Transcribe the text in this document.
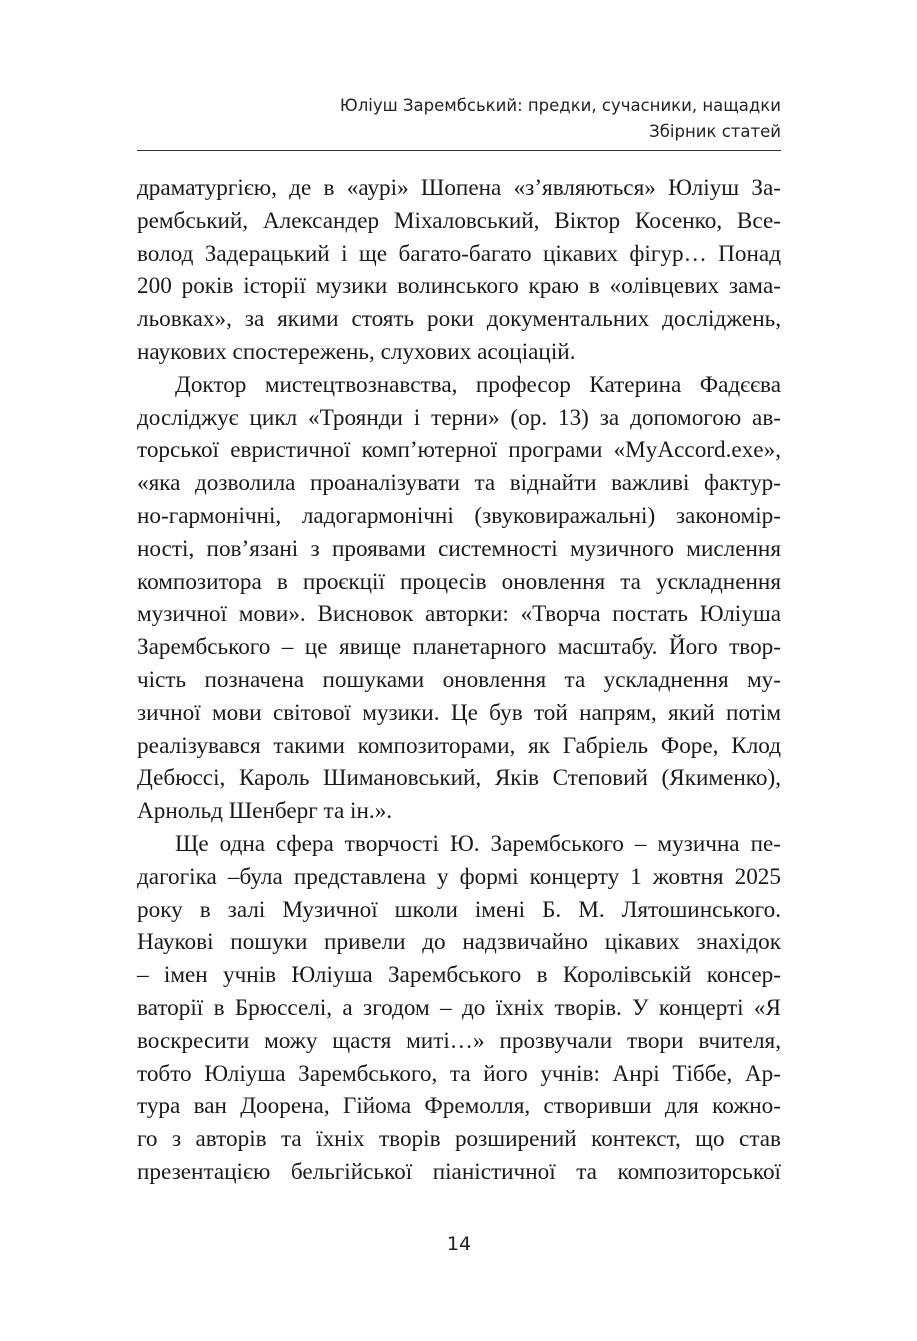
Юліуш Зарембський: предки, сучасники, нащадки
Збірник статей
драматургією, де в «аурі» Шопена «з’являються» Юліуш За-
рембський, Александер Міхаловський, Віктор Косенко, Все-
волод Задерацький і ще багато-багато цікавих фігур… Понад
200 років історії музики волинського краю в «олівцевих замa-
льовках», за якими стоять роки документальних досліджень,
наукових спостережень, слухових асоціацій.
Доктор мистецтвознавства, професор Катерина Фадєєва
досліджує цикл «Троянди і терни» (ор. 13) за допомогою ав-
торської евристичної комп’ютерної програми «MyAccord.exe»,
«яка дозволила проаналізувати та віднайти важливі фактур-
но-гармонічні, ладогармонічні (звуковиражальні) закономір-
ності, пов’язані з проявами системності музичного мислення
композитора в проєкції процесів оновлення та ускладнення
музичної мови». Висновок авторки: «Творча постать Юліуша
Зарембського – це явище планетарного масштабу. Його твор-
чість позначена пошуками оновлення та ускладнення му-
зичної мови світової музики. Це був той напрям, який потім
реалізувався такими композиторами, як Габріель Форе, Клод
Дебюссі, Кароль Шимановський, Яків Степовий (Якименко),
Арнольд Шенберг та ін.».
Ще одна сфера творчості Ю. Зарембського – музична пе-
дагогіка –була представлена у формі концерту 1 жовтня 2025
року в залі Музичної школи імені Б. М. Лятошинського.
Наукові пошуки привели до надзвичайно цікавих знахідок
– імен учнів Юліуша Зарембського в Королівській консер-
ваторії в Брюсселі, а згодом – до їхніх творів. У концерті «Я
воскресити можу щастя миті…» прозвучали твори вчителя,
тобто Юліуша Зарембського, та його учнів: Анрі Тіббе, Ар-
тура ван Доорена, Гійома Фремолля, створивши для кожно-
го з авторів та їхніх творів розширений контекст, що став
презентацією бельгійської піаністичної та композиторської
14
